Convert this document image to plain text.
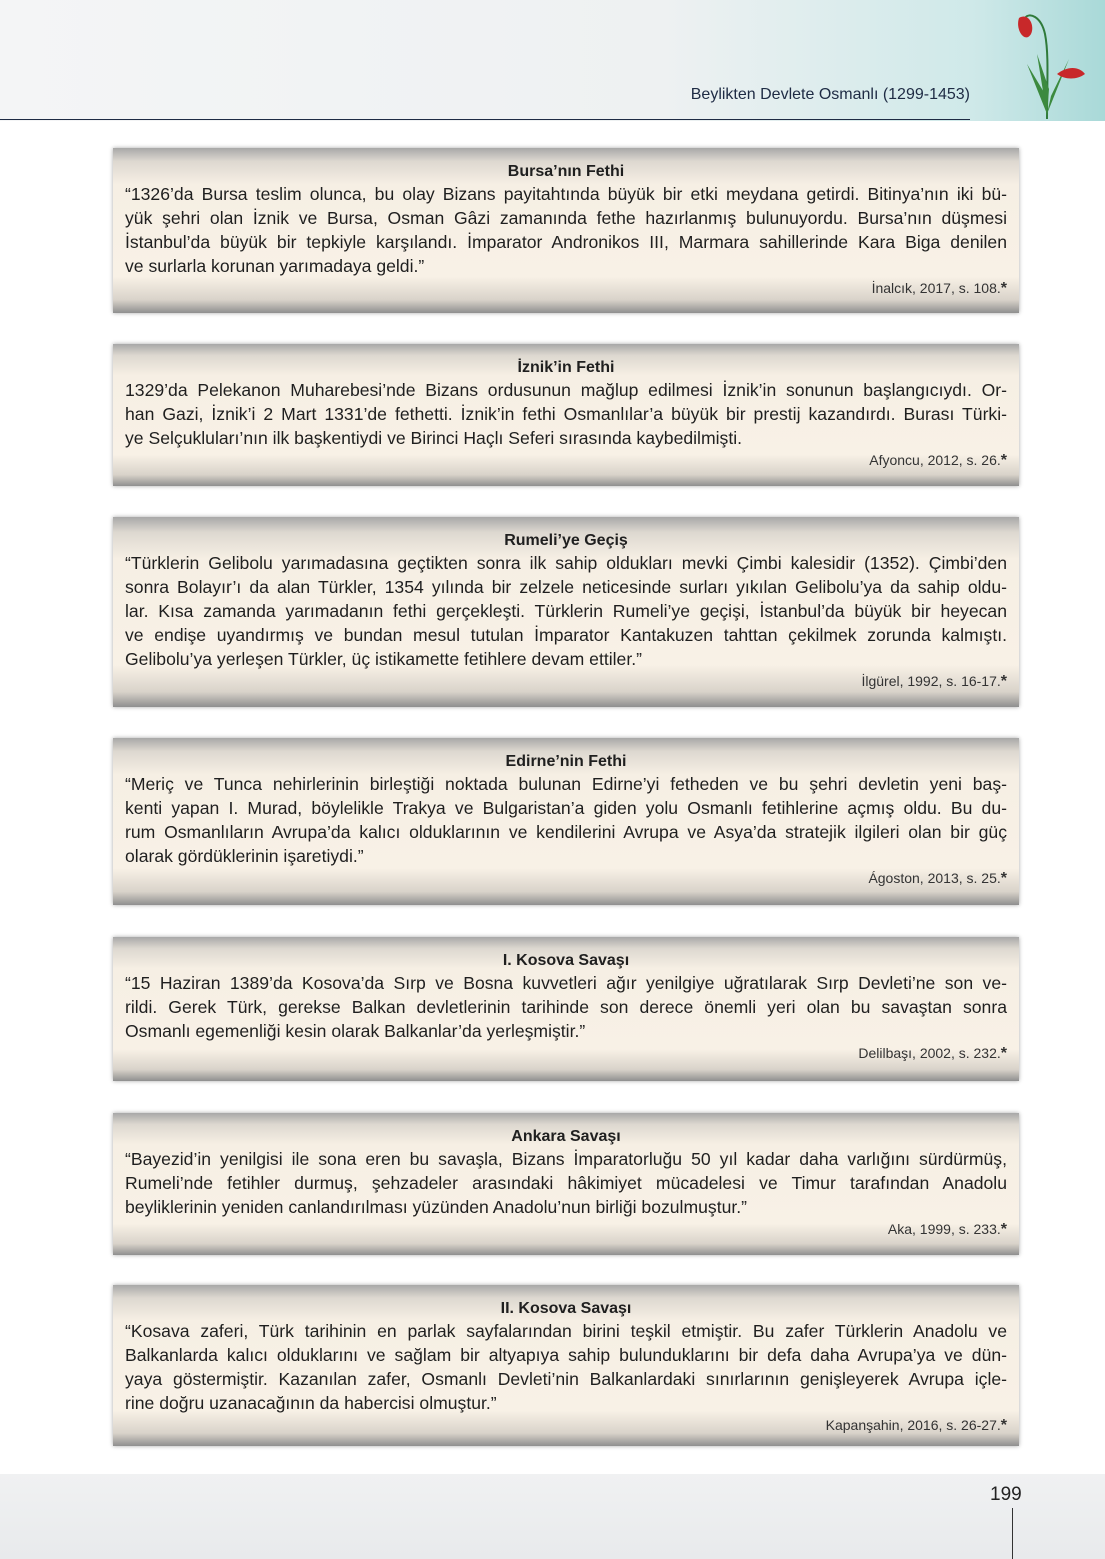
Beylikten Devlete Osmanlı (1299-1453)
Bursa’nın Fethi
“1326’da Bursa teslim olunca, bu olay Bizans payitahtında büyük bir etki meydana getirdi. Bitinya’nın iki bü-
yük şehri olan İznik ve Bursa, Osman Gâzi zamanında fethe hazırlanmış bulunuyordu. Bursa’nın düşmesi
İstanbul’da büyük bir tepkiyle karşılandı. İmparator Andronikos III, Marmara sahillerinde Kara Biga denilen
ve surlarla korunan yarımadaya geldi.”
İnalcık, 2017, s. 108.*
İznik’in Fethi
1329’da Pelekanon Muharebesi’nde Bizans ordusunun mağlup edilmesi İznik’in sonunun başlangıcıydı. Or-
han Gazi, İznik’i 2 Mart 1331’de fethetti. İznik’in fethi Osmanlılar’a büyük bir prestij kazandırdı. Burası Türki-
ye Selçukluları’nın ilk başkentiydi ve Birinci Haçlı Seferi sırasında kaybedilmişti.
Afyoncu, 2012, s. 26.*
Rumeli’ye Geçiş
“Türklerin Gelibolu yarımadasına geçtikten sonra ilk sahip oldukları mevki Çimbi kalesidir (1352). Çimbi’den
sonra Bolayır’ı da alan Türkler, 1354 yılında bir zelzele neticesinde surları yıkılan Gelibolu’ya da sahip oldu-
lar. Kısa zamanda yarımadanın fethi gerçekleşti. Türklerin Rumeli’ye geçişi, İstanbul’da büyük bir heyecan
ve endişe uyandırmış ve bundan mesul tutulan İmparator Kantakuzen tahttan çekilmek zorunda kalmıştı.
Gelibolu’ya yerleşen Türkler, üç istikamette fetihlere devam ettiler.”
İlgürel, 1992, s. 16-17.*
Edirne’nin Fethi
“Meriç ve Tunca nehirlerinin birleştiği noktada bulunan Edirne’yi fetheden ve bu şehri devletin yeni baş-
kenti yapan I. Murad, böylelikle Trakya ve Bulgaristan’a giden yolu Osmanlı fetihlerine açmış oldu. Bu du-
rum Osmanlıların Avrupa’da kalıcı olduklarının ve kendilerini Avrupa ve Asya’da stratejik ilgileri olan bir güç
olarak gördüklerinin işaretiydi.”
Ágoston, 2013, s. 25.*
I. Kosova Savaşı
“15 Haziran 1389’da Kosova’da Sırp ve Bosna kuvvetleri ağır yenilgiye uğratılarak Sırp Devleti’ne son ve-
rildi. Gerek Türk, gerekse Balkan devletlerinin tarihinde son derece önemli yeri olan bu savaştan sonra
Osmanlı egemenliği kesin olarak Balkanlar’da yerleşmiştir.”
Delilbaşı, 2002, s. 232.*
Ankara Savaşı
“Bayezid’in yenilgisi ile sona eren bu savaşla, Bizans İmparatorluğu 50 yıl kadar daha varlığını sürdürmüş,
Rumeli’nde fetihler durmuş, şehzadeler arasındaki hâkimiyet mücadelesi ve Timur tarafından Anadolu
beyliklerinin yeniden canlandırılması yüzünden Anadolu’nun birliği bozulmuştur.”
Aka, 1999, s. 233.*
II. Kosova Savaşı
“Kosava zaferi, Türk tarihinin en parlak sayfalarından birini teşkil etmiştir. Bu zafer Türklerin Anadolu ve
Balkanlarda kalıcı olduklarını ve sağlam bir altyapıya sahip bulunduklarını bir defa daha Avrupa’ya ve dün-
yaya göstermiştir. Kazanılan zafer, Osmanlı Devleti’nin Balkanlardaki sınırlarının genişleyerek Avrupa içle-
rine doğru uzanacağının da habercisi olmuştur.”
Kapanşahin, 2016, s. 26-27.*
199
